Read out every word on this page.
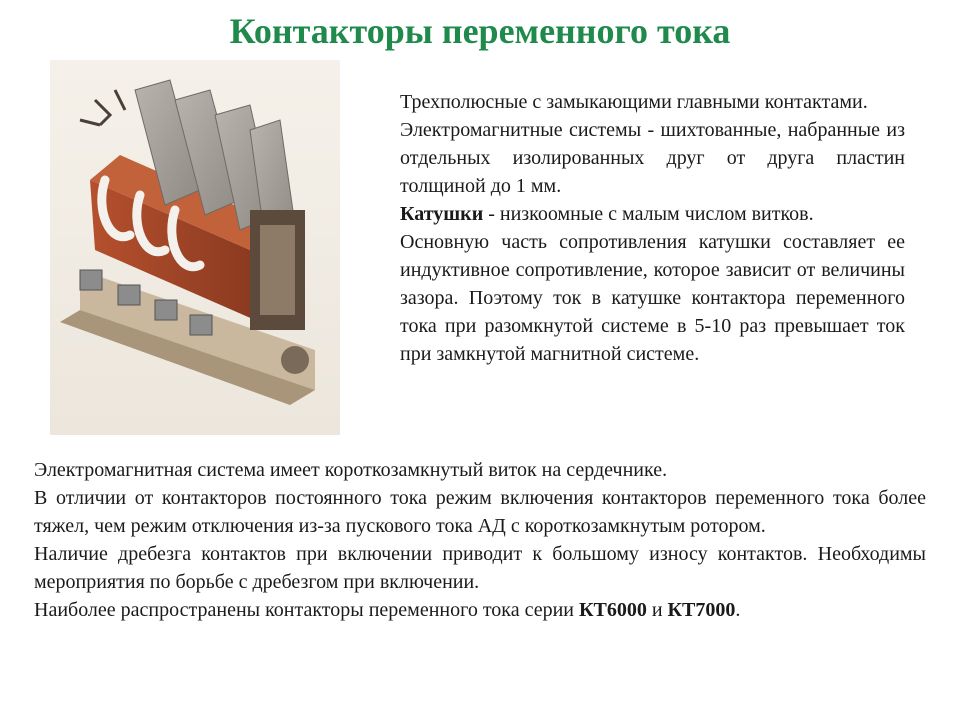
Контакторы переменного тока

Трехполюсные с замыкающими главными контактами.

Электромагнитные системы - шихтованные, набранные из отдельных изолированных друг от друга пластин толщиной до 1 мм.

Катушки - низкоомные с малым числом витков.

Основную часть сопротивления катушки составляет ее индуктивное сопротивление, которое зависит от величины зазора. Поэтому ток в катушке контактора переменного тока при разомкнутой системе в 5-10 раз превышает ток при замкнутой магнитной системе.

Электромагнитная система имеет короткозамкнутый виток на сердечнике.

В отличии от контакторов постоянного тока режим включения контакторов переменного тока более тяжел, чем режим отключения из-за пускового тока АД с короткозамкнутым ротором.

Наличие дребезга контактов при включении приводит к большому износу контактов. Необходимы мероприятия по борьбе с дребезгом при включении.

Наиболее распространены контакторы переменного тока серии КТ6000 и КТ7000.
